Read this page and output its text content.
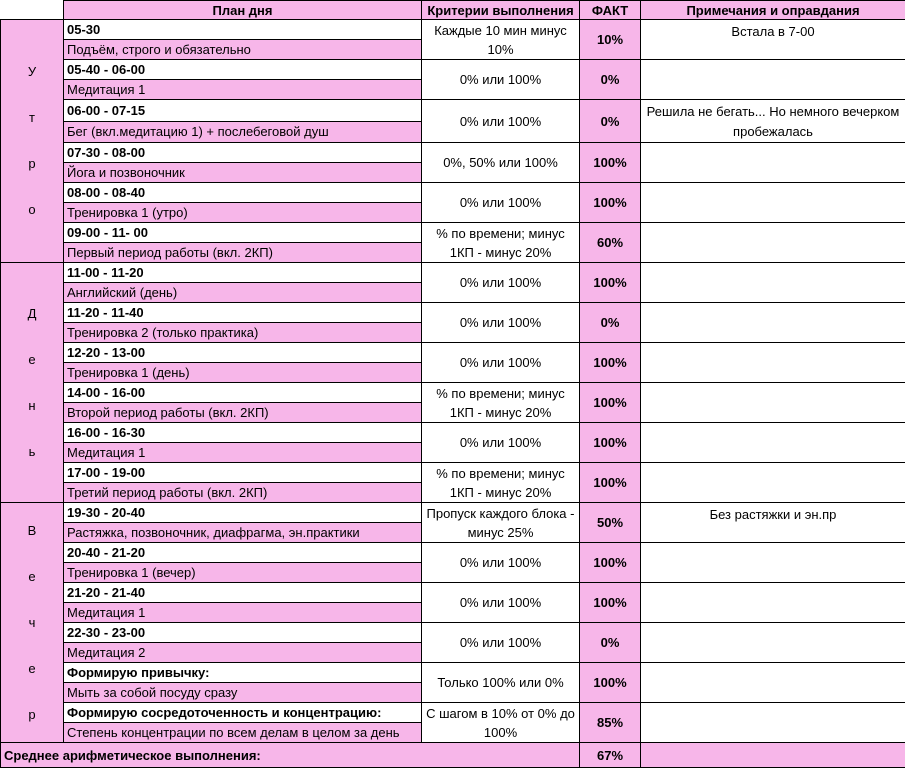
	План дня	Критерии выполнения	ФАКТ	Примечания и оправдания

У
т
р
о	05-30	Каждые 10 мин минус 10%	10%	Встала в 7-00
	Подъём, строго и обязательно			
	05-40 - 06-00	0% или 100%	0%	
	Медитация 1			
	06-00 - 07-15	0% или 100%	0%	Решила не бегать... Но немного вечерком пробежалась
	Бег (вкл.медитацию 1) + послебеговой душ			
	07-30 - 08-00	0%, 50% или 100%	100%	
	Йога и позвоночник			
	08-00 - 08-40	0% или 100%	100%	
	Тренировка 1 (утро)			
	09-00 - 11- 00	% по времени; минус 1КП - минус 20%	60%	
	Первый период работы (вкл. 2КП)			

Д
е
н
ь	11-00 - 11-20	0% или 100%	100%	
	Английский (день)			
	11-20 - 11-40	0% или 100%	0%	
	Тренировка 2 (только практика)			
	12-20 - 13-00	0% или 100%	100%	
	Тренировка 1 (день)			
	14-00 - 16-00	% по времени; минус 1КП - минус 20%	100%	
	Второй период работы (вкл. 2КП)			
	16-00 - 16-30	0% или 100%	100%	
	Медитация 1			
	17-00 - 19-00	% по времени; минус 1КП - минус 20%	100%	
	Третий период работы (вкл. 2КП)			

В
е
ч
е
р	19-30 - 20-40	Пропуск каждого блока - минус 25%	50%	Без растяжки и эн.пр
	Растяжка, позвоночник, диафрагма, эн.практики			
	20-40 - 21-20	0% или 100%	100%	
	Тренировка 1 (вечер)			
	21-20 - 21-40	0% или 100%	100%	
	Медитация 1			
	22-30 - 23-00	0% или 100%	0%	
	Медитация 2			
	Формирую привычку:	Только 100% или 0%	100%	
	Мыть за собой посуду сразу			
	Формирую сосредоточенность и концентрацию:	С шагом в 10% от 0% до 100%	85%	
	Степень концентрации по всем делам в целом за день			
Среднее арифметическое выполнения:			67%	
